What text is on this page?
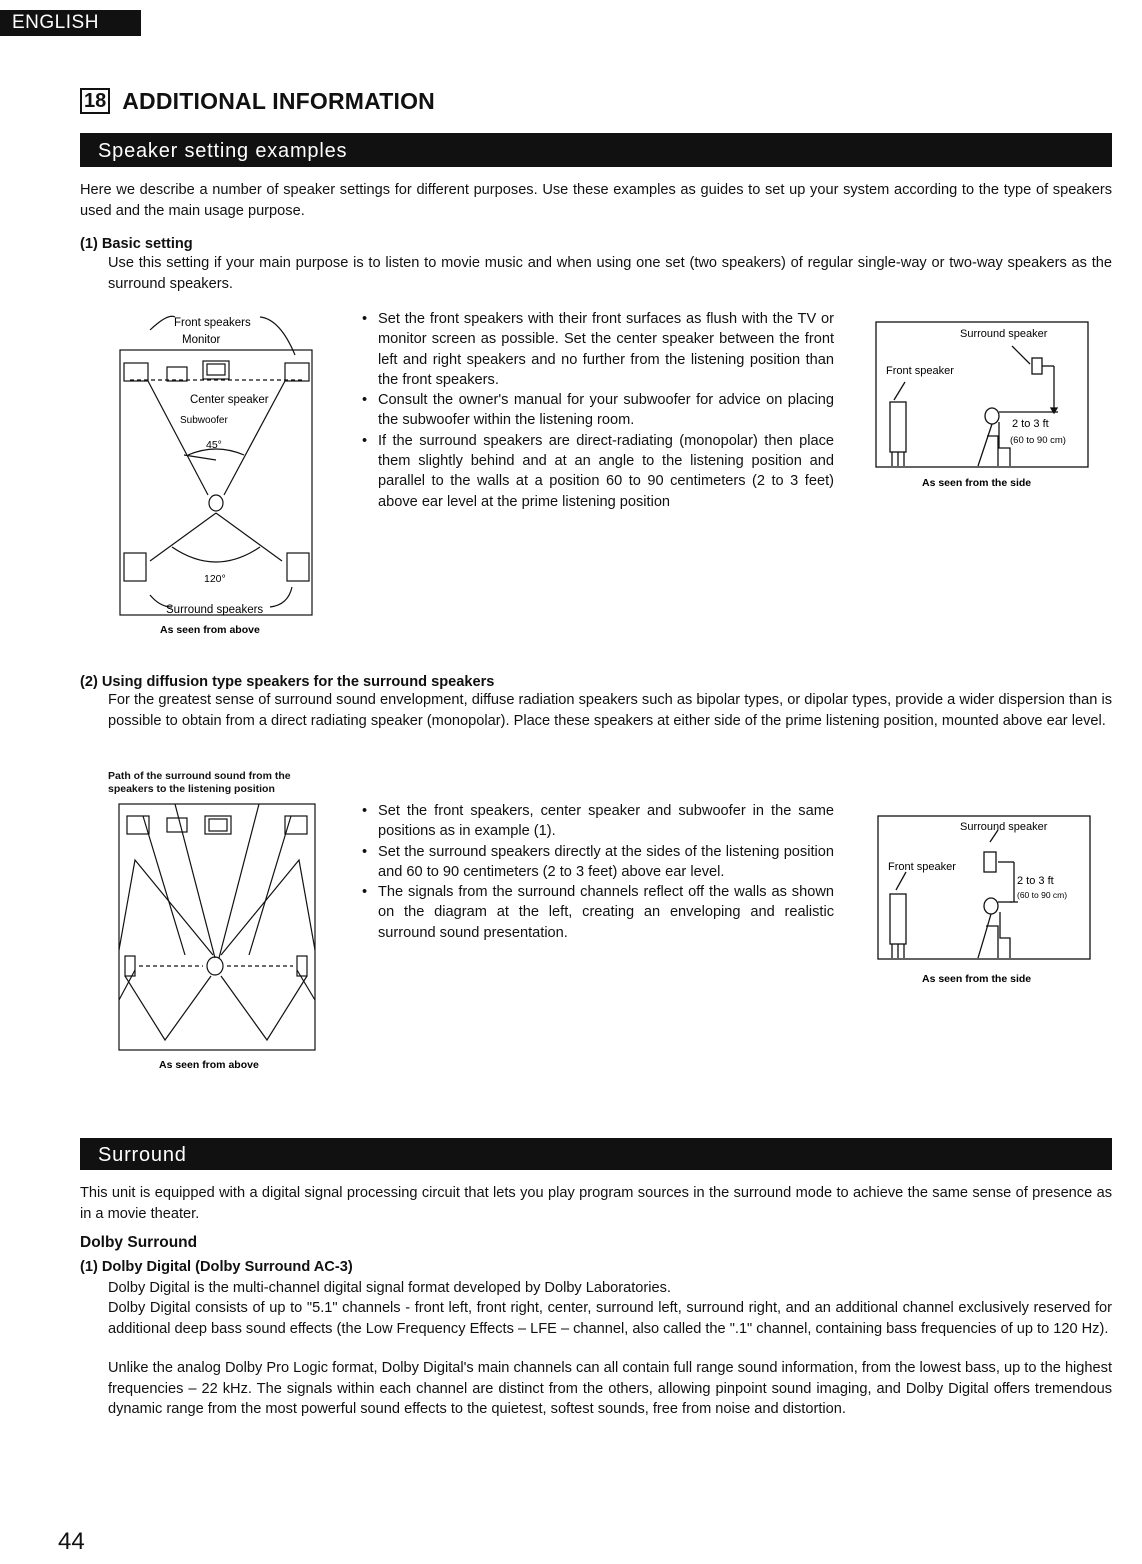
ENGLISH
18 ADDITIONAL INFORMATION
Speaker setting examples
Here we describe a number of speaker settings for different purposes. Use these examples as guides to set up your system according to the type of speakers used and the main usage purpose.
(1) Basic setting
Use this setting if your main purpose is to listen to movie music and when using one set (two speakers) of regular single-way or two-way speakers as the surround speakers.
Front speakers
Monitor
Center speaker
Subwoofer
45°
120°
Surround speakers
As seen from above
• Set the front speakers with their front surfaces as flush with the TV or monitor screen as possible. Set the center speaker between the front left and right speakers and no further from the listening position than the front speakers.
• Consult the owner's manual for your subwoofer for advice on placing the subwoofer within the listening room.
• If the surround speakers are direct-radiating (monopolar) then place them slightly behind and at an angle to the listening position and parallel to the walls at a position 60 to 90 centimeters (2 to 3 feet) above ear level at the prime listening position
Surround speaker
Front speaker
2 to 3 ft
(60 to 90 cm)
As seen from the side
(2) Using diffusion type speakers for the surround speakers
For the greatest sense of surround sound envelopment, diffuse radiation speakers such as bipolar types, or dipolar types, provide a wider dispersion than is possible to obtain from a direct radiating speaker (monopolar). Place these speakers at either side of the prime listening position, mounted above ear level.
Path of the surround sound from the
speakers to the listening position
As seen from above
• Set the front speakers, center speaker and subwoofer in the same positions as in example (1).
• Set the surround speakers directly at the sides of the listening position and 60 to 90 centimeters (2 to 3 feet) above ear level.
• The signals from the surround channels reflect off the walls as shown on the diagram at the left, creating an enveloping and realistic surround sound presentation.
Surround speaker
Front speaker
2 to 3 ft
(60 to 90 cm)
As seen from the side
Surround
This unit is equipped with a digital signal processing circuit that lets you play program sources in the surround mode to achieve the same sense of presence as in a movie theater.
Dolby Surround
(1) Dolby Digital (Dolby Surround AC-3)
Dolby Digital is the multi-channel digital signal format developed by Dolby Laboratories.
Dolby Digital consists of up to "5.1" channels - front left, front right, center, surround left, surround right, and an additional channel exclusively reserved for additional deep bass sound effects (the Low Frequency Effects – LFE – channel, also called the ".1" channel, containing bass frequencies of up to 120 Hz).
Unlike the analog Dolby Pro Logic format, Dolby Digital's main channels can all contain full range sound information, from the lowest bass, up to the highest frequencies – 22 kHz. The signals within each channel are distinct from the others, allowing pinpoint sound imaging, and Dolby Digital offers tremendous dynamic range from the most powerful sound effects to the quietest, softest sounds, free from noise and distortion.
44
